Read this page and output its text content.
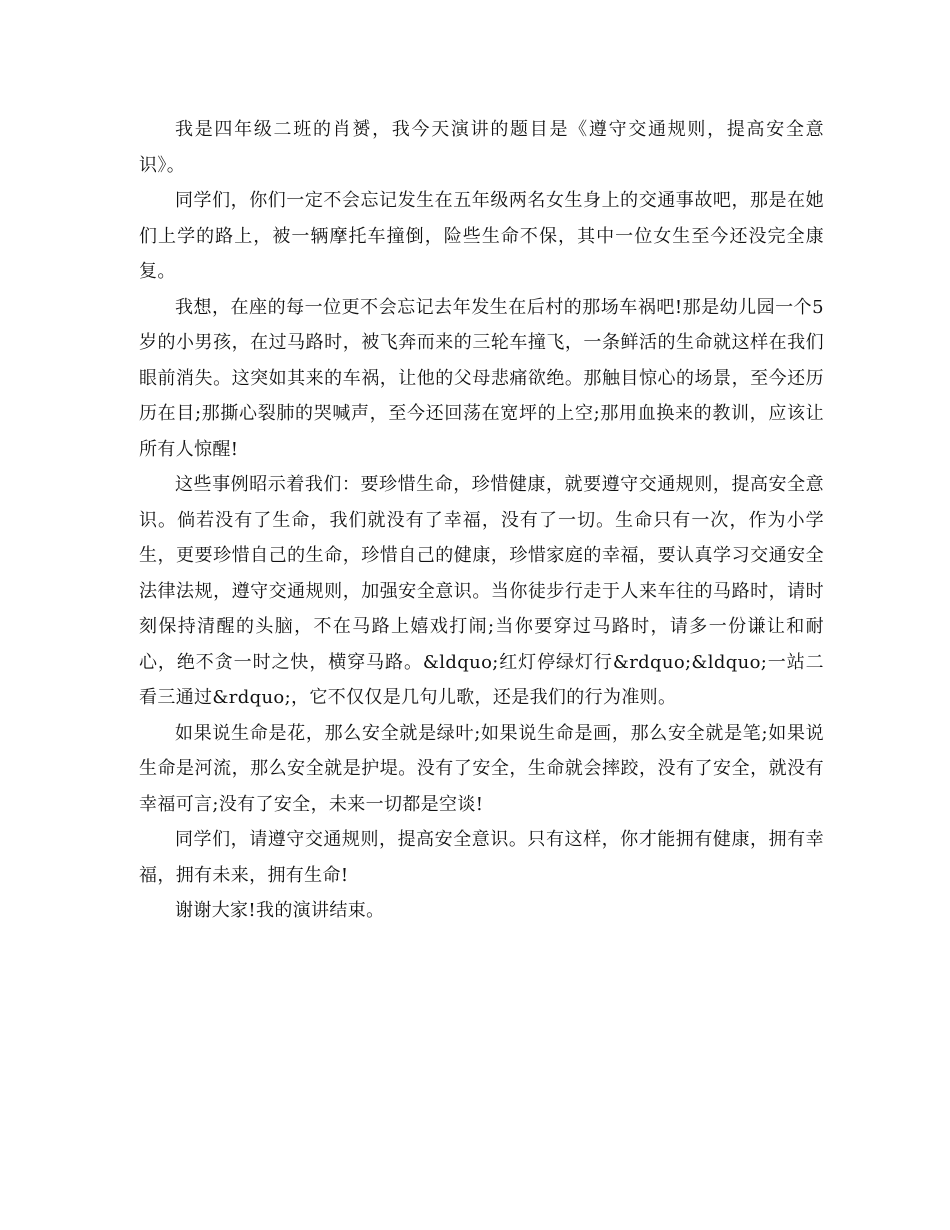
我是四年级二班的肖赟，我今天演讲的题目是《遵守交通规则，提高安全意识》。

同学们，你们一定不会忘记发生在五年级两名女生身上的交通事故吧，那是在她们上学的路上，被一辆摩托车撞倒，险些生命不保，其中一位女生至今还没完全康复。

我想，在座的每一位更不会忘记去年发生在后村的那场车祸吧!那是幼儿园一个5岁的小男孩，在过马路时，被飞奔而来的三轮车撞飞，一条鲜活的生命就这样在我们眼前消失。这突如其来的车祸，让他的父母悲痛欲绝。那触目惊心的场景，至今还历历在目;那撕心裂肺的哭喊声，至今还回荡在宽坪的上空;那用血换来的教训，应该让所有人惊醒!

这些事例昭示着我们：要珍惜生命，珍惜健康，就要遵守交通规则，提高安全意识。倘若没有了生命，我们就没有了幸福，没有了一切。生命只有一次，作为小学生，更要珍惜自己的生命，珍惜自己的健康，珍惜家庭的幸福，要认真学习交通安全法律法规，遵守交通规则，加强安全意识。当你徒步行走于人来车往的马路时，请时刻保持清醒的头脑，不在马路上嬉戏打闹;当你要穿过马路时，请多一份谦让和耐心，绝不贪一时之快，横穿马路。&ldquo;红灯停绿灯行&rdquo;&ldquo;一站二看三通过&rdquo;，它不仅仅是几句儿歌，还是我们的行为准则。

如果说生命是花，那么安全就是绿叶;如果说生命是画，那么安全就是笔;如果说生命是河流，那么安全就是护堤。没有了安全，生命就会摔跤，没有了安全，就没有幸福可言;没有了安全，未来一切都是空谈!

同学们，请遵守交通规则，提高安全意识。只有这样，你才能拥有健康，拥有幸福，拥有未来，拥有生命!

谢谢大家!我的演讲结束。
